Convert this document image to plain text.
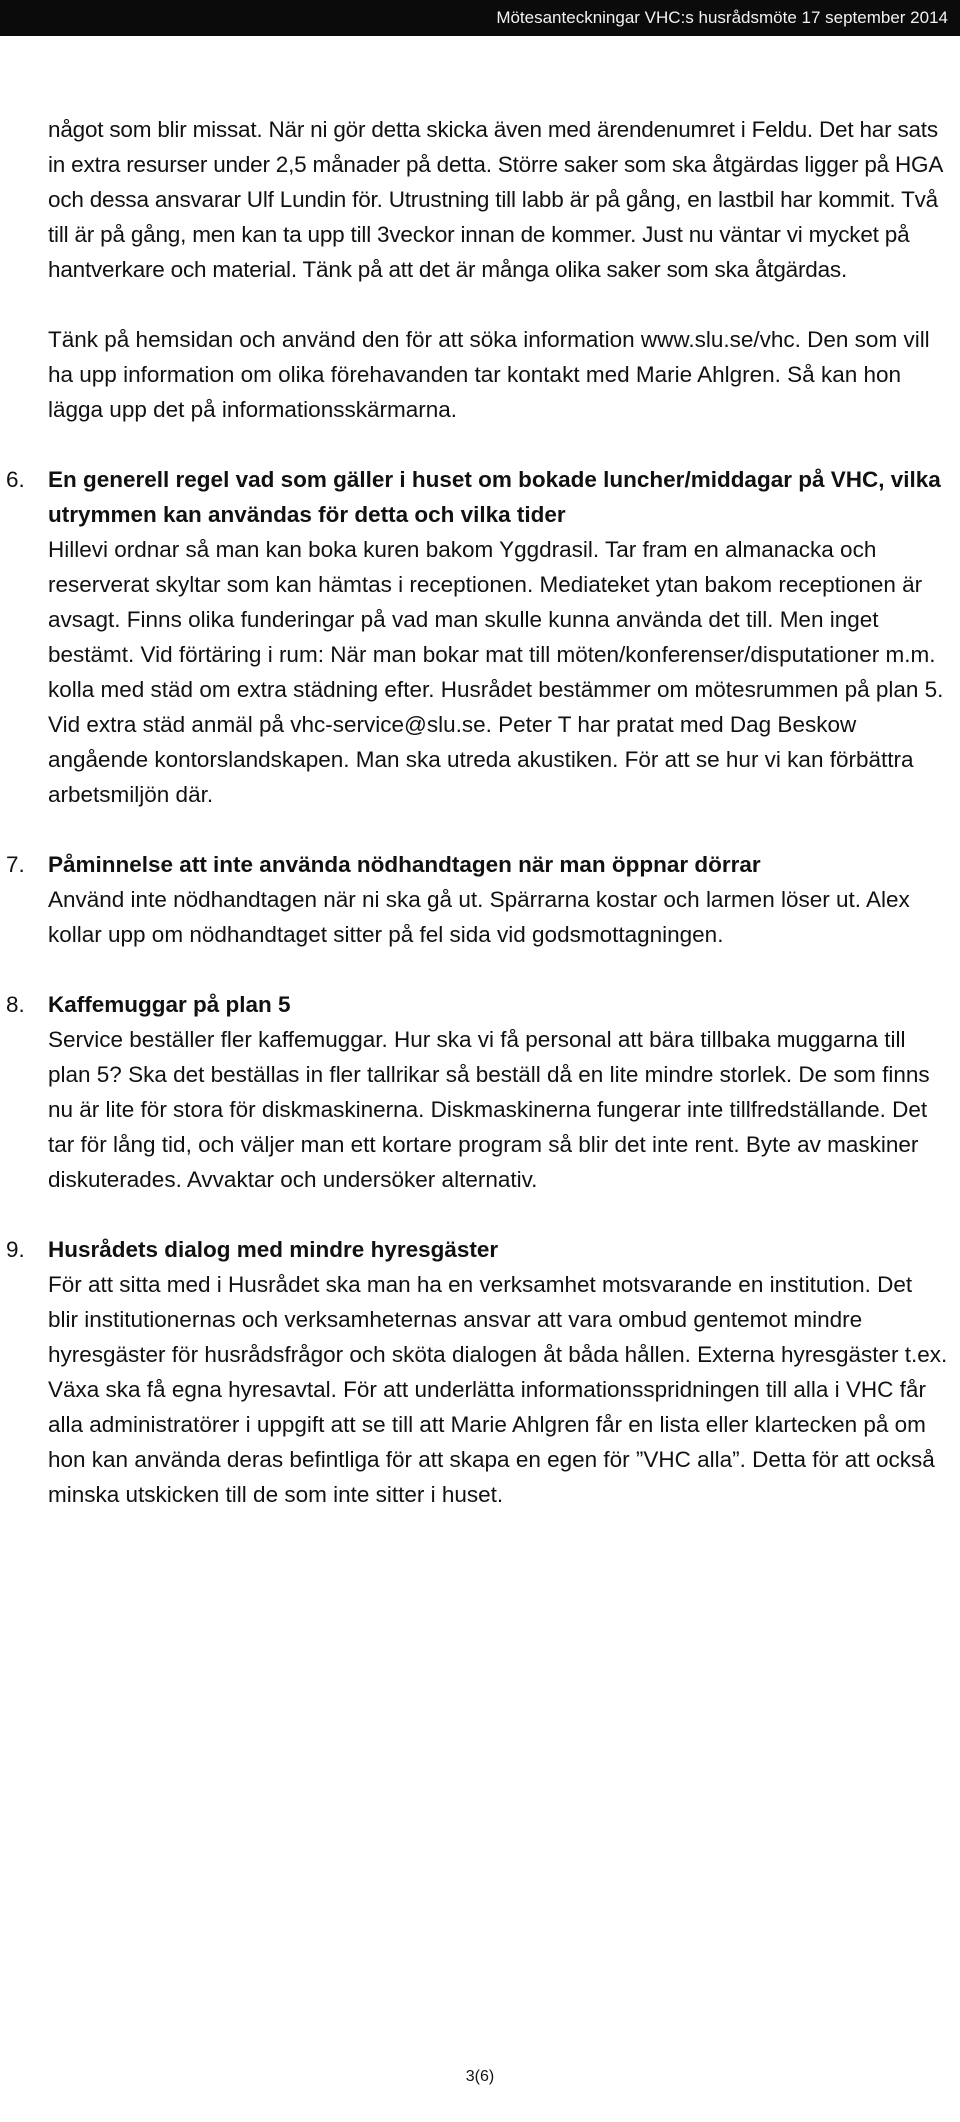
Mötesanteckningar VHC:s husrådsmöte 17 september 2014

något som blir missat. När ni gör detta skicka även med ärendenumret i Feldu. Det har sats in extra resurser under 2,5 månader på detta. Större saker som ska åtgärdas ligger på HGA och dessa ansvarar Ulf Lundin för. Utrustning till labb är på gång, en lastbil har kommit. Två till är på gång, men kan ta upp till 3veckor innan de kommer. Just nu väntar vi mycket på hantverkare och material. Tänk på att det är många olika saker som ska åtgärdas.

Tänk på hemsidan och använd den för att söka information www.slu.se/vhc. Den som vill ha upp information om olika förehavanden tar kontakt med Marie Ahlgren. Så kan hon lägga upp det på informationsskärmarna.

6.	En generell regel vad som gäller i huset om bokade luncher/middagar på VHC, vilka utrymmen kan användas för detta och vilka tider
Hillevi ordnar så man kan boka kuren bakom Yggdrasil. Tar fram en almanacka och reserverat skyltar som kan hämtas i receptionen. Mediateket ytan bakom receptionen är avsagt. Finns olika funderingar på vad man skulle kunna använda det till. Men inget bestämt. Vid förtäring i rum: När man bokar mat till möten/konferenser/disputationer m.m. kolla med städ om extra städning efter. Husrådet bestämmer om mötesrummen på plan 5. Vid extra städ anmäl på vhc-service@slu.se. Peter T har pratat med Dag Beskow angående kontorslandskapen. Man ska utreda akustiken. För att se hur vi kan förbättra arbetsmiljön där.
7.	Påminnelse att inte använda nödhandtagen när man öppnar dörrar
Använd inte nödhandtagen när ni ska gå ut. Spärrarna kostar och larmen löser ut. Alex kollar upp om nödhandtaget sitter på fel sida vid godsmottagningen.
8.	Kaffemuggar på plan 5
Service beställer fler kaffemuggar. Hur ska vi få personal att bära tillbaka muggarna till plan 5? Ska det beställas in fler tallrikar så beställ då en lite mindre storlek. De som finns nu är lite för stora för diskmaskinerna. Diskmaskinerna fungerar inte tillfredställande. Det tar för lång tid, och väljer man ett kortare program så blir det inte rent. Byte av maskiner diskuterades. Avvaktar och undersöker alternativ.
9.	Husrådets dialog med mindre hyresgäster
För att sitta med i Husrådet ska man ha en verksamhet motsvarande en institution. Det blir institutionernas och verksamheternas ansvar att vara ombud gentemot mindre hyresgäster för husrådsfrågor och sköta dialogen åt båda hållen. Externa hyresgäster t.ex. Växa ska få egna hyresavtal. För att underlätta informationsspridningen till alla i VHC får alla administratörer i uppgift att se till att Marie Ahlgren får en lista eller klartecken på om hon kan använda deras befintliga för att skapa en egen för ”VHC alla”. Detta för att också minska utskicken till de som inte sitter i huset.
3(6)
